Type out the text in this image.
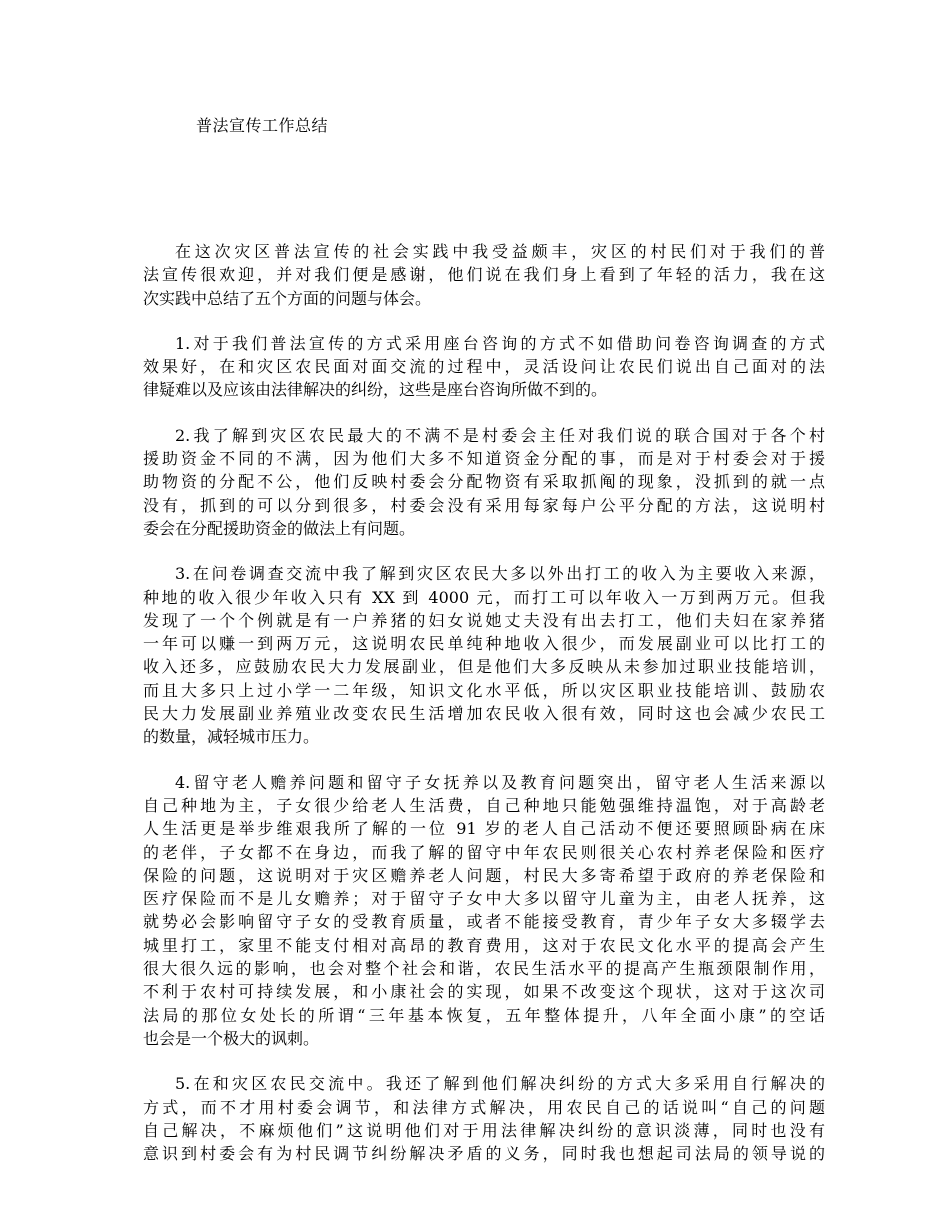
普法宣传工作总结

在这次灾区普法宣传的社会实践中我受益颇丰，灾区的村民们对于我们的普
法宣传很欢迎，并对我们便是感谢，他们说在我们身上看到了年轻的活力，我在这
次实践中总结了五个方面的问题与体会。

1.对于我们普法宣传的方式采用座台咨询的方式不如借助问卷咨询调查的方式
效果好，在和灾区农民面对面交流的过程中，灵活设问让农民们说出自己面对的法
律疑难以及应该由法律解决的纠纷，这些是座台咨询所做不到的。

2.我了解到灾区农民最大的不满不是村委会主任对我们说的联合国对于各个村
援助资金不同的不满，因为他们大多不知道资金分配的事，而是对于村委会对于援
助物资的分配不公，他们反映村委会分配物资有采取抓阄的现象，没抓到的就一点
没有，抓到的可以分到很多，村委会没有采用每家每户公平分配的方法，这说明村
委会在分配援助资金的做法上有问题。

3.在问卷调查交流中我了解到灾区农民大多以外出打工的收入为主要收入来源，
种地的收入很少年收入只有 XX 到 4000 元，而打工可以年收入一万到两万元。但我
发现了一个个例就是有一户养猪的妇女说她丈夫没有出去打工，他们夫妇在家养猪
一年可以赚一到两万元，这说明农民单纯种地收入很少，而发展副业可以比打工的
收入还多，应鼓励农民大力发展副业，但是他们大多反映从未参加过职业技能培训，
而且大多只上过小学一二年级，知识文化水平低，所以灾区职业技能培训、鼓励农
民大力发展副业养殖业改变农民生活增加农民收入很有效，同时这也会减少农民工
的数量，减轻城市压力。

4.留守老人赡养问题和留守子女抚养以及教育问题突出，留守老人生活来源以
自己种地为主，子女很少给老人生活费，自己种地只能勉强维持温饱，对于高龄老
人生活更是举步维艰我所了解的一位 91 岁的老人自己活动不便还要照顾卧病在床
的老伴，子女都不在身边，而我了解的留守中年农民则很关心农村养老保险和医疗
保险的问题，这说明对于灾区赡养老人问题，村民大多寄希望于政府的养老保险和
医疗保险而不是儿女赡养；对于留守子女中大多以留守儿童为主，由老人抚养，这
就势必会影响留守子女的受教育质量，或者不能接受教育，青少年子女大多辍学去
城里打工，家里不能支付相对高昂的教育费用，这对于农民文化水平的提高会产生
很大很久远的影响，也会对整个社会和谐，农民生活水平的提高产生瓶颈限制作用，
不利于农村可持续发展，和小康社会的实现，如果不改变这个现状，这对于这次司
法局的那位女处长的所谓“三年基本恢复，五年整体提升，八年全面小康”的空话
也会是一个极大的讽刺。

5.在和灾区农民交流中。我还了解到他们解决纠纷的方式大多采用自行解决的
方式，而不才用村委会调节，和法律方式解决，用农民自己的话说叫“自己的问题
自己解决，不麻烦他们”这说明他们对于用法律解决纠纷的意识淡薄，同时也没有
意识到村委会有为村民调节纠纷解决矛盾的义务，同时我也想起司法局的领导说的
